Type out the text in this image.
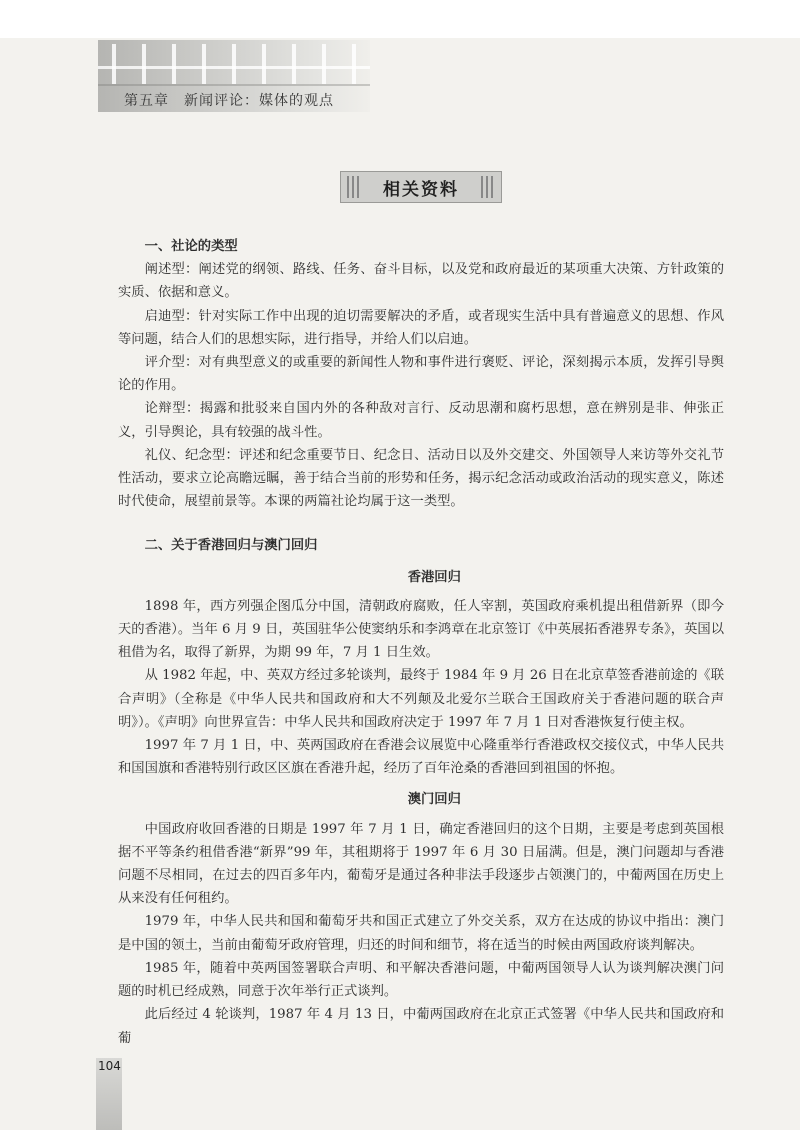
第五章　新闻评论：媒体的观点
相关资料

一、社论的类型

阐述型：阐述党的纲领、路线、任务、奋斗目标，以及党和政府最近的某项重大决策、方针政策的实质、依据和意义。

启迪型：针对实际工作中出现的迫切需要解决的矛盾，或者现实生活中具有普遍意义的思想、作风等问题，结合人们的思想实际，进行指导，并给人们以启迪。

评介型：对有典型意义的或重要的新闻性人物和事件进行褒贬、评论，深刻揭示本质，发挥引导舆论的作用。

论辩型：揭露和批驳来自国内外的各种敌对言行、反动思潮和腐朽思想，意在辨别是非、伸张正义，引导舆论，具有较强的战斗性。

礼仪、纪念型：评述和纪念重要节日、纪念日、活动日以及外交建交、外国领导人来访等外交礼节性活动，要求立论高瞻远瞩，善于结合当前的形势和任务，揭示纪念活动或政治活动的现实意义，陈述时代使命，展望前景等。本课的两篇社论均属于这一类型。

二、关于香港回归与澳门回归

香港回归

1898 年，西方列强企图瓜分中国，清朝政府腐败，任人宰割，英国政府乘机提出租借新界（即今天的香港）。当年 6 月 9 日，英国驻华公使窦纳乐和李鸿章在北京签订《中英展拓香港界专条》，英国以租借为名，取得了新界，为期 99 年，7 月 1 日生效。

从 1982 年起，中、英双方经过多轮谈判，最终于 1984 年 9 月 26 日在北京草签香港前途的《联合声明》（全称是《中华人民共和国政府和大不列颠及北爱尔兰联合王国政府关于香港问题的联合声明》）。《声明》向世界宣告：中华人民共和国政府决定于 1997 年 7 月 1 日对香港恢复行使主权。

1997 年 7 月 1 日，中、英两国政府在香港会议展览中心隆重举行香港政权交接仪式，中华人民共和国国旗和香港特别行政区区旗在香港升起，经历了百年沧桑的香港回到祖国的怀抱。

澳门回归

中国政府收回香港的日期是 1997 年 7 月 1 日，确定香港回归的这个日期，主要是考虑到英国根据不平等条约租借香港“新界”99 年，其租期将于 1997 年 6 月 30 日届满。但是，澳门问题却与香港问题不尽相同，在过去的四百多年内，葡萄牙是通过各种非法手段逐步占领澳门的，中葡两国在历史上从来没有任何租约。

1979 年，中华人民共和国和葡萄牙共和国正式建立了外交关系，双方在达成的协议中指出：澳门是中国的领土，当前由葡萄牙政府管理，归还的时间和细节，将在适当的时候由两国政府谈判解决。

1985 年，随着中英两国签署联合声明、和平解决香港问题，中葡两国领导人认为谈判解决澳门问题的时机已经成熟，同意于次年举行正式谈判。

此后经过 4 轮谈判，1987 年 4 月 13 日，中葡两国政府在北京正式签署《中华人民共和国政府和葡

104
